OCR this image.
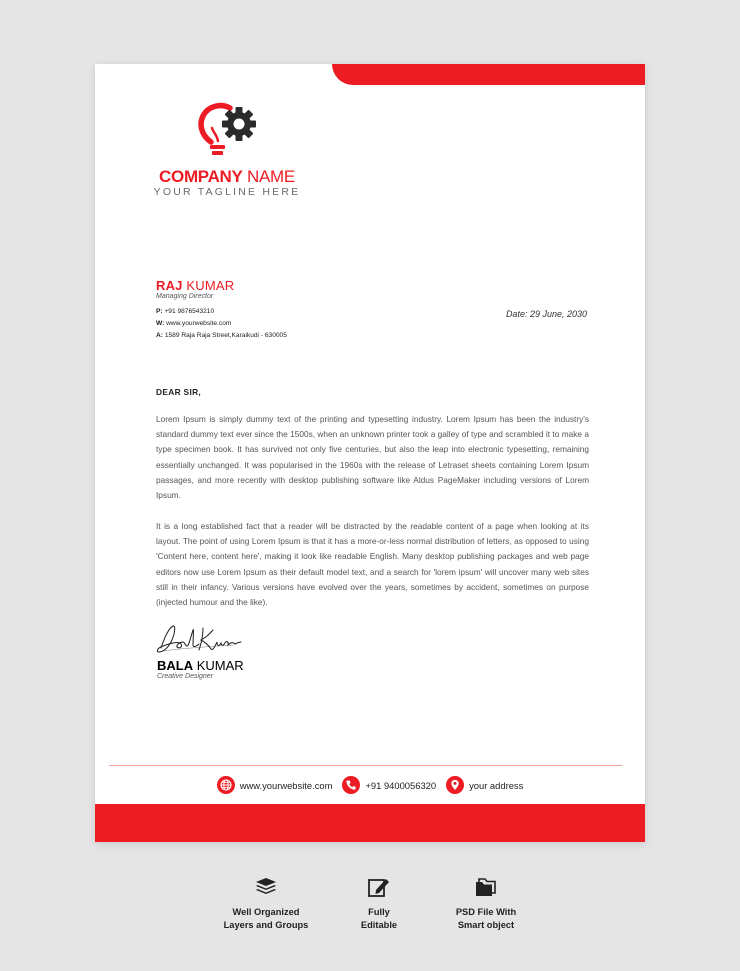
COMPANY NAME
YOUR TAGLINE HERE
RAJ KUMAR
Managing Director
P: +91 9876543210
W: www.yourwebsite.com
A: 1589 Raja Raja Street,Karaikudi - 630005
Date: 29 June, 2030
DEAR SIR,

Lorem Ipsum is simply dummy text of the printing and typesetting industry. Lorem Ipsum has been the industry's standard dummy text ever since the 1500s, when an unknown printer took a galley of type and scrambled it to make a type specimen book. It has survived not only five centuries, but also the leap into electronic typesetting, remaining essentially unchanged. It was popularised in the 1960s with the release of Letraset sheets containing Lorem Ipsum passages, and more recently with desktop publishing software like Aldus PageMaker including versions of Lorem Ipsum.

It is a long established fact that a reader will be distracted by the readable content of a page when looking at its layout. The point of using Lorem Ipsum is that it has a more-or-less normal distribution of letters, as opposed to using 'Content here, content here', making it look like readable English. Many desktop publishing packages and web page editors now use Lorem Ipsum as their default model text, and a search for 'lorem ipsum' will uncover many web sites still in their infancy. Various versions have evolved over the years, sometimes by accident, sometimes on purpose (injected humour and the like).

BALA KUMAR
Creative Designer
www.yourwebsite.com	+91 9400056320	your address
Well Organized
Layers and Groups
Fully
Editable
PSD File With
Smart object
